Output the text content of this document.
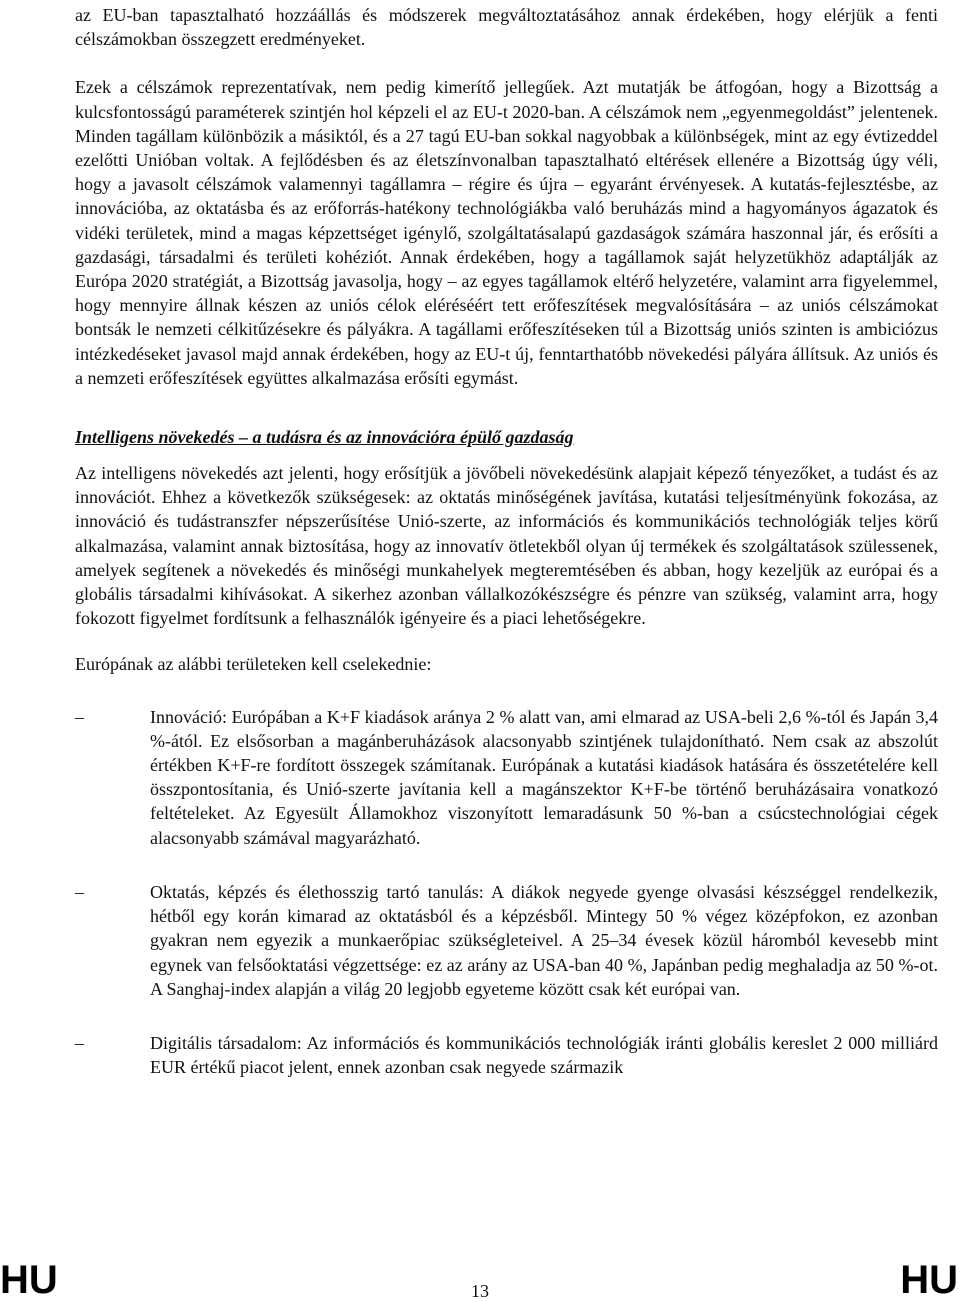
az EU-ban tapasztalható hozzáállás és módszerek megváltoztatásához annak érdekében, hogy elérjük a fenti célszámokban összegzett eredményeket.

Ezek a célszámok reprezentatívak, nem pedig kimerítő jellegűek. Azt mutatják be átfogóan, hogy a Bizottság a kulcsfontosságú paraméterek szintjén hol képzeli el az EU-t 2020-ban. A célszámok nem „egyenmegoldást” jelentenek. Minden tagállam különbözik a másiktól, és a 27 tagú EU-ban sokkal nagyobbak a különbségek, mint az egy évtizeddel ezelőtti Unióban voltak. A fejlődésben és az életszínvonalban tapasztalható eltérések ellenére a Bizottság úgy véli, hogy a javasolt célszámok valamennyi tagállamra – régire és újra – egyaránt érvényesek. A kutatás-fejlesztésbe, az innovációba, az oktatásba és az erőforrás-hatékony technológiákba való beruházás mind a hagyományos ágazatok és vidéki területek, mind a magas képzettséget igénylő, szolgáltatásalapú gazdaságok számára haszonnal jár, és erősíti a gazdasági, társadalmi és területi kohéziót. Annak érdekében, hogy a tagállamok saját helyzetükhöz adaptálják az Európa 2020 stratégiát, a Bizottság javasolja, hogy – az egyes tagállamok eltérő helyzetére, valamint arra figyelemmel, hogy mennyire állnak készen az uniós célok eléréséért tett erőfeszítések megvalósítására – az uniós célszámokat bontsák le nemzeti célkitűzésekre és pályákra. A tagállami erőfeszítéseken túl a Bizottság uniós szinten is ambiciózus intézkedéseket javasol majd annak érdekében, hogy az EU-t új, fenntarthatóbb növekedési pályára állítsuk. Az uniós és a nemzeti erőfeszítések együttes alkalmazása erősíti egymást.

Intelligens növekedés – a tudásra és az innovációra épülő gazdaság

Az intelligens növekedés azt jelenti, hogy erősítjük a jövőbeli növekedésünk alapjait képező tényezőket, a tudást és az innovációt. Ehhez a következők szükségesek: az oktatás minőségének javítása, kutatási teljesítményünk fokozása, az innováció és tudástranszfer népszerűsítése Unió-szerte, az információs és kommunikációs technológiák teljes körű alkalmazása, valamint annak biztosítása, hogy az innovatív ötletekből olyan új termékek és szolgáltatások szülessenek, amelyek segítenek a növekedés és minőségi munkahelyek megteremtésében és abban, hogy kezeljük az európai és a globális társadalmi kihívásokat. A sikerhez azonban vállalkozókészségre és pénzre van szükség, valamint arra, hogy fokozott figyelmet fordítsunk a felhasználók igényeire és a piaci lehetőségekre.

Európának az alábbi területeken kell cselekednie:

–	Innováció: Európában a K+F kiadások aránya 2 % alatt van, ami elmarad az USA-beli 2,6 %-tól és Japán 3,4 %-ától. Ez elsősorban a magánberuházások alacsonyabb szintjének tulajdonítható. Nem csak az abszolút értékben K+F-re fordított összegek számítanak. Európának a kutatási kiadások hatására és összetételére kell összpontosítania, és Unió-szerte javítania kell a magánszektor K+F-be történő beruházásaira vonatkozó feltételeket. Az Egyesült Államokhoz viszonyított lemaradásunk 50 %-ban a csúcstechnológiai cégek alacsonyabb számával magyarázható.

–	Oktatás, képzés és élethosszig tartó tanulás: A diákok negyede gyenge olvasási készséggel rendelkezik, hétből egy korán kimarad az oktatásból és a képzésből. Mintegy 50 % végez középfokon, ez azonban gyakran nem egyezik a munkaerőpiac szükségleteivel. A 25–34 évesek közül háromból kevesebb mint egynek van felsőoktatási végzettsége: ez az arány az USA-ban 40 %, Japánban pedig meghaladja az 50 %-ot. A Sanghaj-index alapján a világ 20 legjobb egyeteme között csak két európai van.

–	Digitális társadalom: Az információs és kommunikációs technológiák iránti globális kereslet 2 000 milliárd EUR értékű piacot jelent, ennek azonban csak negyede származik

HU	13	HU
